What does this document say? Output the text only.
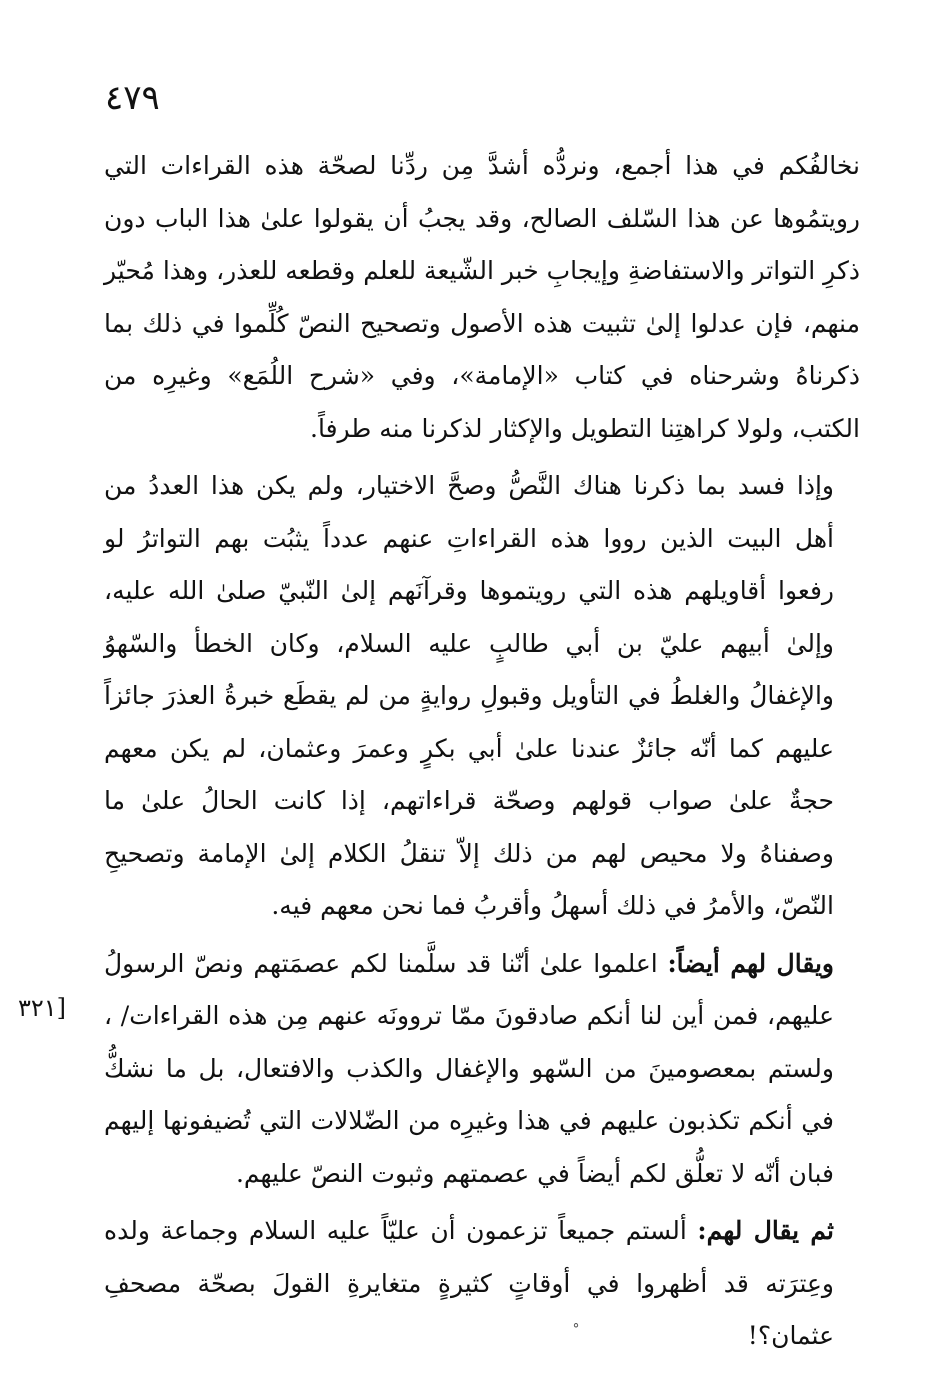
٤٧٩
[٣٢١

نخالفُكم في هذا أجمع، ونردُّه أشدَّ مِن ردِّنا لصحّة هذه القراءات التي رويتمُوها عن هذا السّلف الصالح، وقد يجبُ أن يقولوا علىٰ هذا الباب دون ذكرِ التواتر والاستفاضةِ وإيجابِ خبر الشّيعة للعلم وقطعه للعذر، وهذا مُحيّر منهم، فإن عدلوا إلىٰ تثبيت هذه الأصول وتصحيح النصّ كُلِّموا في ذلك بما ذكرناهُ وشرحناه في كتاب «الإمامة»، وفي «شرح اللُمَع» وغيرِه من الكتب، ولولا كراهتِنا التطويل والإكثار لذكرنا منه طرفاً.

وإذا فسد بما ذكرنا هناك النَّصُّ وصحَّ الاختيار، ولم يكن هذا العددُ من أهل البيت الذين رووا هذه القراءاتِ عنهم عدداً يثبُت بهم التواترُ لو رفعوا أقاويلهم هذه التي رويتموها وقرآنَهم إلىٰ النّبيّ صلىٰ الله عليه، وإلىٰ أبيهم عليّ بن أبي طالبٍ عليه السلام، وكان الخطأ والسّهوُ والإغفالُ والغلطُ في التأويل وقبولِ روايةٍ من لم يقطَع خبرةُ العذرَ جائزاً عليهم كما أنّه جائزٌ عندنا علىٰ أبي بكرٍ وعمرَ وعثمان، لم يكن معهم حجةٌ علىٰ صواب قولهم وصحّة قراءاتهم، إذا كانت الحالُ علىٰ ما وصفناهُ ولا محيص لهم من ذلك إلاّ تنقلُ الكلام إلىٰ الإمامة وتصحيحِ النّصّ، والأمرُ في ذلك أسهلُ وأقربُ فما نحن معهم فيه.

ويقال لهم أيضاً: اعلموا علىٰ أنّنا قد سلَّمنا لكم عصمَتهم ونصّ الرسولُ عليهم، فمن أين لنا أنكم صادقونَ ممّا تروونَه عنهم مِن هذه القراءات/ ، ولستم بمعصومينَ من السّهو والإغفال والكذب والافتعال، بل ما نشكُّ في أنكم تكذبون عليهم في هذا وغيرِه من الضّلالات التي تُضيفونها إليهم فبان أنّه لا تعلُّق لكم أيضاً في عصمتهم وثبوت النصّ عليهم.

ثم يقال لهم: ألستم جميعاً تزعمون أن عليّاً عليه السلام وجماعة ولده وعِترَته قد أظهروا في أوقاتٍ كثيرةٍ متغايرةِ القولَ بصحّة مصحفِ عثمان؟!

˚
